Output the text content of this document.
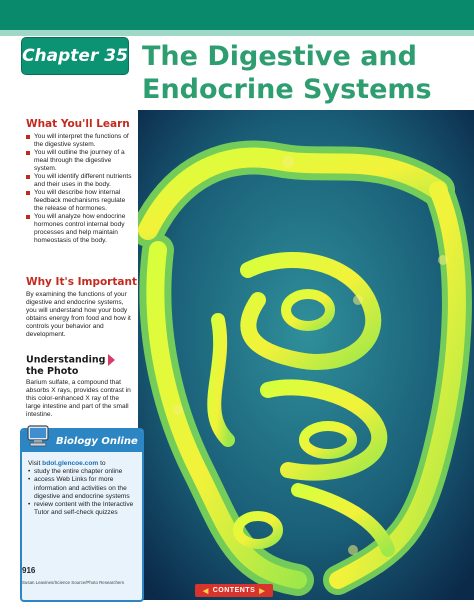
Chapter 35 The Digestive and
Endocrine Systems
What You'll Learn
You will interpret the functions of the digestive system.
You will outline the journey of a meal through the digestive system.
You will identify different nutrients and their uses in the body.
You will describe how internal feedback mechanisms regulate the release of hormones.
You will analyze how endocrine hormones control internal body processes and help maintain homeostasis of the body.
Why It's Important

By examining the functions of your digestive and endocrine systems, you will understand how your body obtains energy from food and how it controls your behavior and development.

Understanding
the Photo

Barium sulfate, a compound that absorbs X rays, provides contrast in this color-enhanced X ray of the large intestine and part of the small intestine.

Biology Online
Visit bdol.glencoe.com to
• study the entire chapter online
• access Web Links for more information and activities on the digestive and endocrine systems
• review content with the Interactive Tutor and self-check quizzes
916
Susan Leavines/Science Source/Photo Researchers
◀ CONTENTS ▶
